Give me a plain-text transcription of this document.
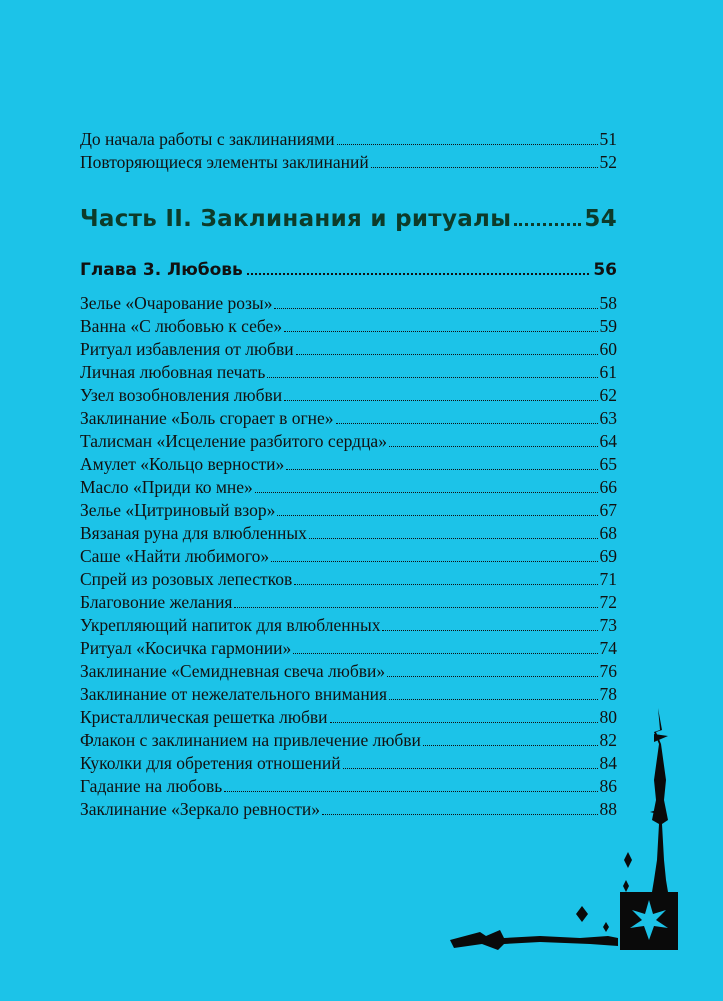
До начала работы с заклинаниями	51
Повторяющиеся элементы заклинаний	52
Часть II. Заклинания и ритуалы	54
Глава 3. Любовь	56
Зелье «Очарование розы»	58
Ванна «С любовью к себе»	59
Ритуал избавления от любви	60
Личная любовная печать	61
Узел возобновления любви	62
Заклинание «Боль сгорает в огне»	63
Талисман «Исцеление разбитого сердца»	64
Амулет «Кольцо верности»	65
Масло «Приди ко мне»	66
Зелье «Цитриновый взор»	67
Вязаная руна для влюбленных	68
Саше «Найти любимого»	69
Спрей из розовых лепестков	71
Благовоние желания	72
Укрепляющий напиток для влюбленных	73
Ритуал «Косичка гармонии»	74
Заклинание «Семидневная свеча любви»	76
Заклинание от нежелательного внимания	78
Кристаллическая решетка любви	80
Флакон с заклинанием на привлечение любви	82
Куколки для обретения отношений	84
Гадание на любовь	86
Заклинание «Зеркало ревности»	88
